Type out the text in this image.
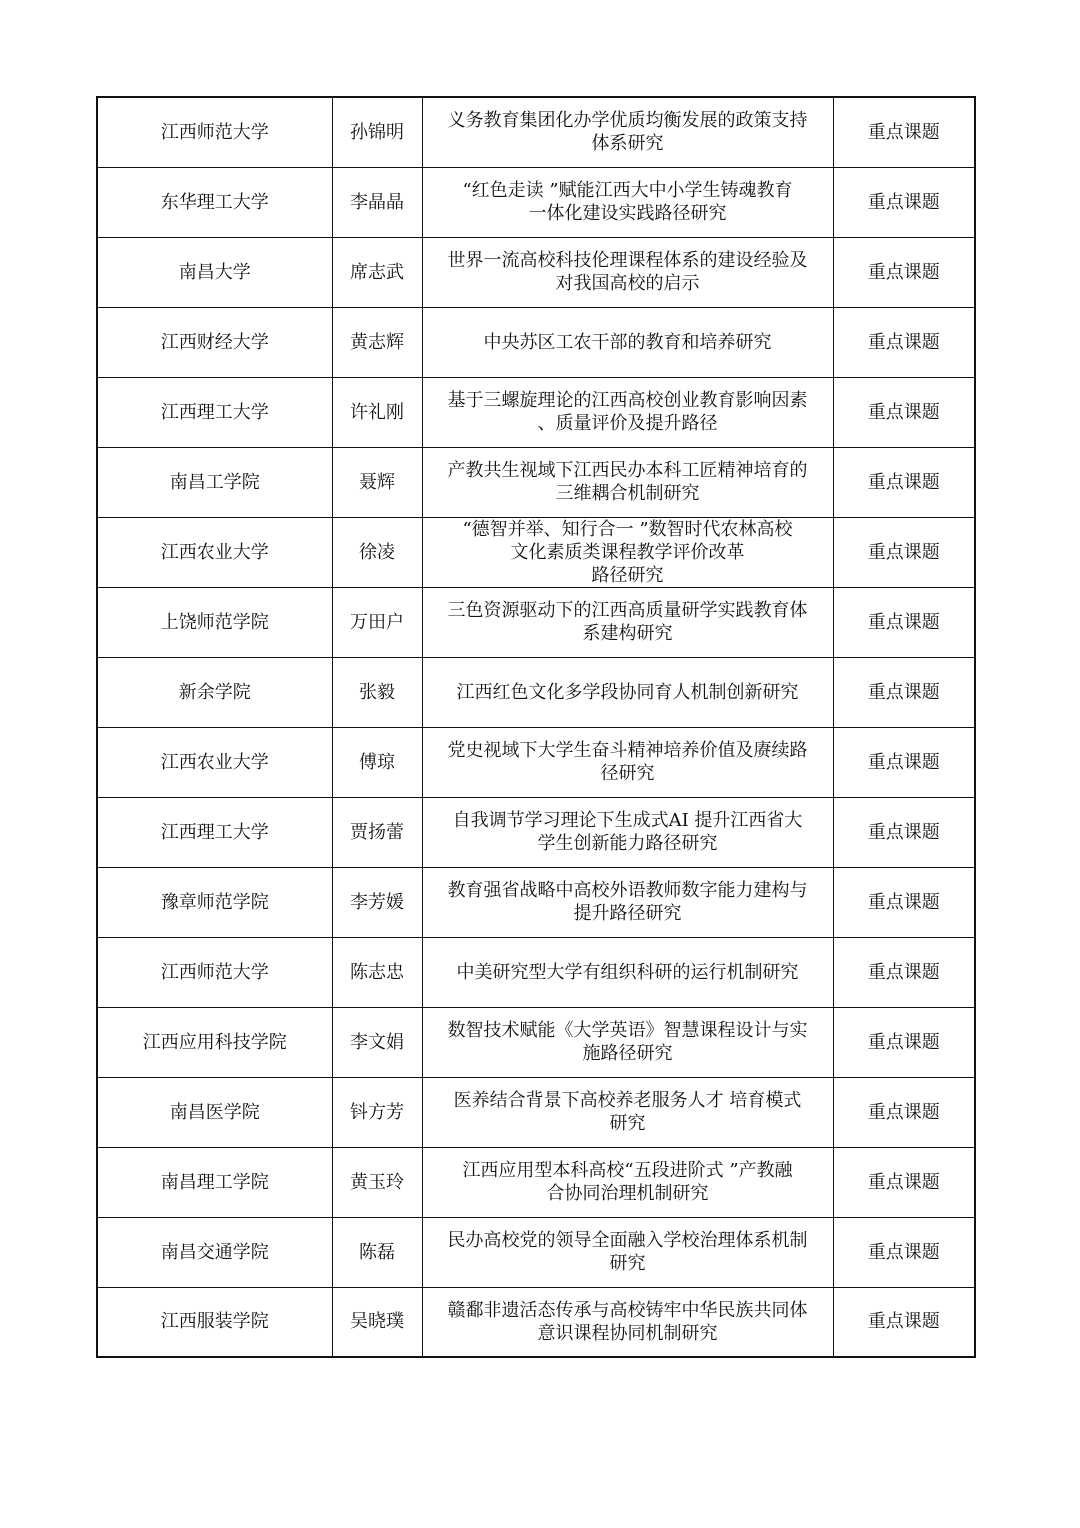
江西师范大学	孙锦明	义务教育集团化办学优质均衡发展的政策支持
体系研究	重点课题
东华理工大学	李晶晶	“红色走读 ”赋能江西大中小学生铸魂教育
一体化建设实践路径研究	重点课题
南昌大学	席志武	世界一流高校科技伦理课程体系的建设经验及
对我国高校的启示	重点课题
江西财经大学	黄志辉	中央苏区工农干部的教育和培养研究	重点课题
江西理工大学	许礼刚	基于三螺旋理论的江西高校创业教育影响因素
、质量评价及提升路径	重点课题
南昌工学院	聂辉	产教共生视域下江西民办本科工匠精神培育的
三维耦合机制研究	重点课题
江西农业大学	徐凌	“德智并举、知行合一 ”数智时代农林高校
文化素质类课程教学评价改革
路径研究	重点课题
上饶师范学院	万田户	三色资源驱动下的江西高质量研学实践教育体
系建构研究	重点课题
新余学院	张毅	江西红色文化多学段协同育人机制创新研究	重点课题
江西农业大学	傅琼	党史视域下大学生奋斗精神培养价值及赓续路
径研究	重点课题
江西理工大学	贾扬蕾	自我调节学习理论下生成式AI 提升江西省大
学生创新能力路径研究	重点课题
豫章师范学院	李芳媛	教育强省战略中高校外语教师数字能力建构与
提升路径研究	重点课题
江西师范大学	陈志忠	中美研究型大学有组织科研的运行机制研究	重点课题
江西应用科技学院	李文娟	数智技术赋能《大学英语》智慧课程设计与实
施路径研究	重点课题
南昌医学院	钭方芳	医养结合背景下高校养老服务人才 培育模式
研究	重点课题
南昌理工学院	黄玉玲	江西应用型本科高校“五段进阶式 ”产教融
合协同治理机制研究	重点课题
南昌交通学院	陈磊	民办高校党的领导全面融入学校治理体系机制
研究	重点课题
江西服装学院	吴晓璞	赣鄱非遗活态传承与高校铸牢中华民族共同体
意识课程协同机制研究	重点课题
